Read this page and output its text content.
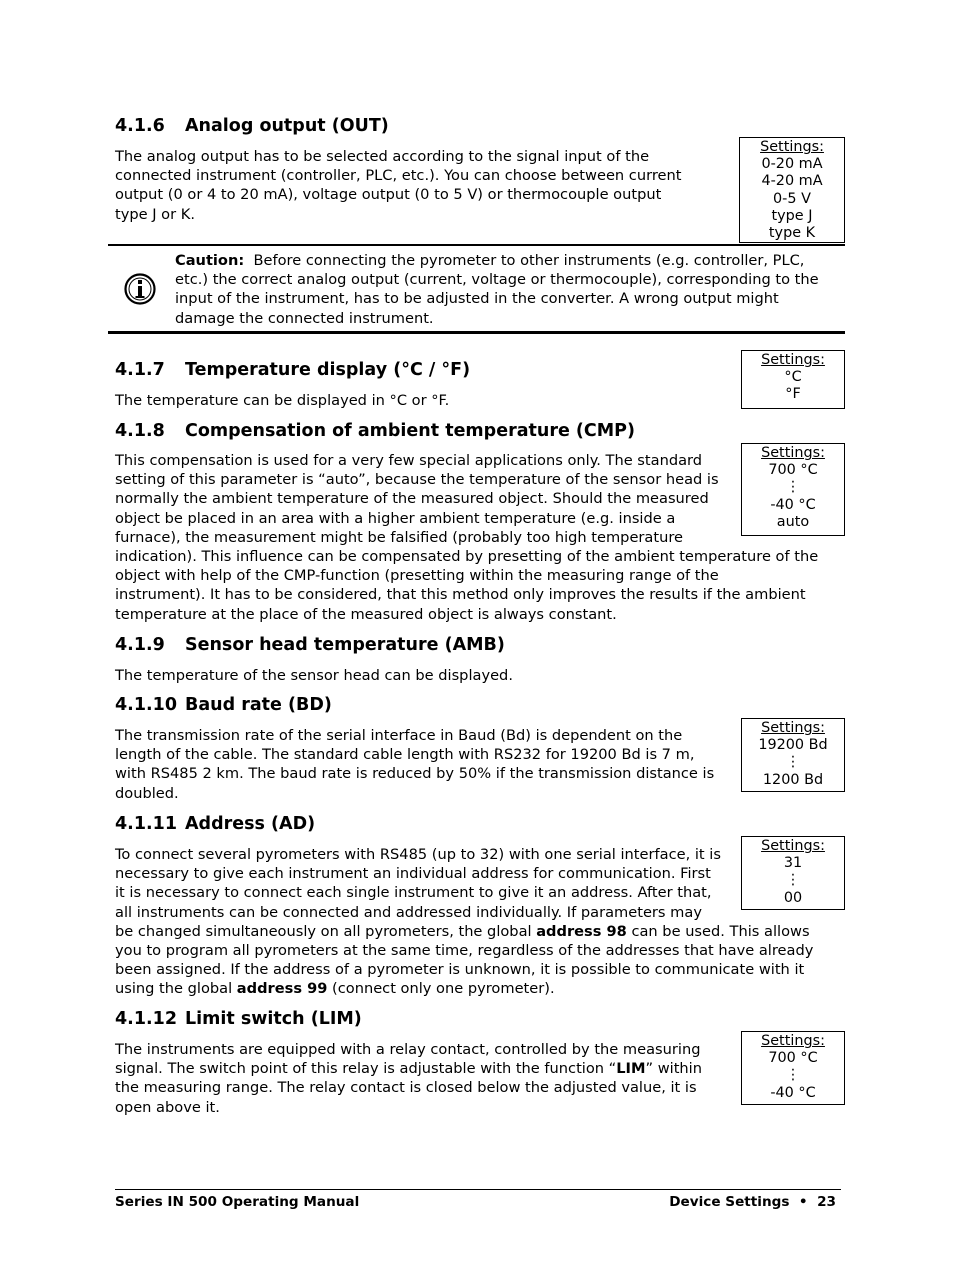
4.1.6 Analog output (OUT)
The analog output has to be selected according to the signal input of the
connected instrument (controller, PLC, etc.). You can choose between current
output (0 or 4 to 20 mA), voltage output (0 to 5 V) or thermocouple output
type J or K.
Settings:
0-20 mA
4-20 mA
0-5 V
type J
type K
Caution: Before connecting the pyrometer to other instruments (e.g. controller, PLC,
etc.) the correct analog output (current, voltage or thermocouple), corresponding to the
input of the instrument, has to be adjusted in the converter. A wrong output might
damage the connected instrument.
4.1.7 Temperature display (°C / °F)
The temperature can be displayed in °C or °F.
Settings:
°C
°F
4.1.8 Compensation of ambient temperature (CMP)
This compensation is used for a very few special applications only. The standard
setting of this parameter is “auto”, because the temperature of the sensor head is
normally the ambient temperature of the measured object. Should the measured
object be placed in an area with a higher ambient temperature (e.g. inside a
furnace), the measurement might be falsified (probably too high temperature
indication). This influence can be compensated by presetting of the ambient temperature of the
object with help of the CMP-function (presetting within the measuring range of the
instrument). It has to be considered, that this method only improves the results if the ambient
temperature at the place of the measured object is always constant.
Settings:
700 °C
⋮
-40 °C
auto
4.1.9 Sensor head temperature (AMB)
The temperature of the sensor head can be displayed.
4.1.10 Baud rate (BD)
The transmission rate of the serial interface in Baud (Bd) is dependent on the
length of the cable. The standard cable length with RS232 for 19200 Bd is 7 m,
with RS485 2 km. The baud rate is reduced by 50% if the transmission distance is
doubled.
Settings:
19200 Bd
⋮
1200 Bd
4.1.11 Address (AD)
To connect several pyrometers with RS485 (up to 32) with one serial interface, it is
necessary to give each instrument an individual address for communication. First
it is necessary to connect each single instrument to give it an address. After that,
all instruments can be connected and addressed individually. If parameters may
be changed simultaneously on all pyrometers, the global address 98 can be used. This allows
you to program all pyrometers at the same time, regardless of the addresses that have already
been assigned. If the address of a pyrometer is unknown, it is possible to communicate with it
using the global address 99 (connect only one pyrometer).
Settings:
31
⋮
00
4.1.12 Limit switch (LIM)
The instruments are equipped with a relay contact, controlled by the measuring
signal. The switch point of this relay is adjustable with the function “LIM” within
the measuring range. The relay contact is closed below the adjusted value, it is
open above it.
Settings:
700 °C
⋮
-40 °C
Series IN 500 Operating Manual	Device Settings  •  23
